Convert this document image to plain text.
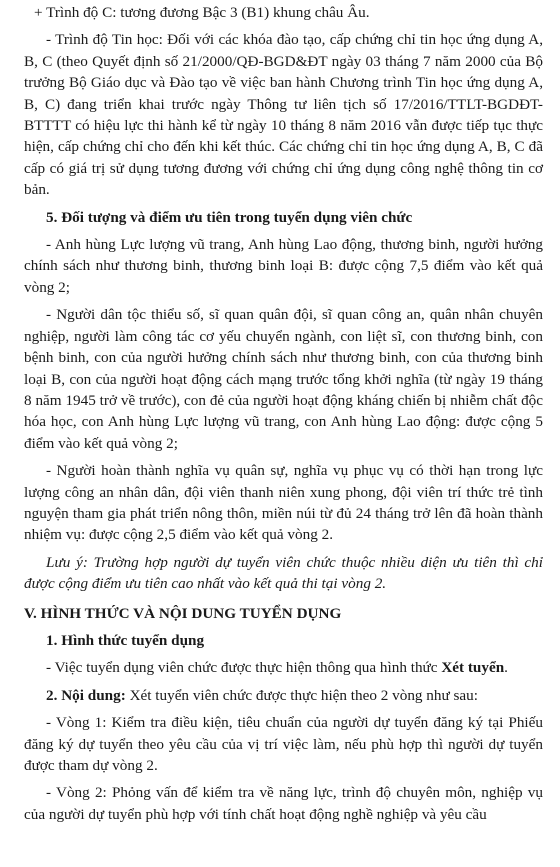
+ Trình độ C: tương đương Bậc 3 (B1) khung châu Âu.

- Trình độ Tin học: Đối với các khóa đào tạo, cấp chứng chỉ tin học ứng dụng A, B, C (theo Quyết định số 21/2000/QĐ-BGD&ĐT ngày 03 tháng 7 năm 2000 của Bộ trưởng Bộ Giáo dục và Đào tạo về việc ban hành Chương trình Tin học ứng dụng A, B, C) đang triển khai trước ngày Thông tư liên tịch số 17/2016/TTLT-BGDĐT-BTTTT có hiệu lực thi hành kể từ ngày 10 tháng 8 năm 2016 vẫn được tiếp tục thực hiện, cấp chứng chỉ cho đến khi kết thúc. Các chứng chỉ tin học ứng dụng A, B, C đã cấp có giá trị sử dụng tương đương với chứng chỉ ứng dụng công nghệ thông tin cơ bản.

5. Đối tượng và điểm ưu tiên trong tuyển dụng viên chức

- Anh hùng Lực lượng vũ trang, Anh hùng Lao động, thương binh, người hưởng chính sách như thương binh, thương binh loại B: được cộng 7,5 điểm vào kết quả vòng 2;

- Người dân tộc thiểu số, sĩ quan quân đội, sĩ quan công an, quân nhân chuyên nghiệp, người làm công tác cơ yếu chuyển ngành, con liệt sĩ, con thương binh, con bệnh binh, con của người hưởng chính sách như thương binh, con của thương binh loại B, con của người hoạt động cách mạng trước tổng khởi nghĩa (từ ngày 19 tháng 8 năm 1945 trở về trước), con đẻ của người hoạt động kháng chiến bị nhiễm chất độc hóa học, con Anh hùng Lực lượng vũ trang, con Anh hùng Lao động: được cộng 5 điểm vào kết quả vòng 2;

- Người hoàn thành nghĩa vụ quân sự, nghĩa vụ phục vụ có thời hạn trong lực lượng công an nhân dân, đội viên thanh niên xung phong, đội viên trí thức trẻ tình nguyện tham gia phát triển nông thôn, miền núi từ đủ 24 tháng trở lên đã hoàn thành nhiệm vụ: được cộng 2,5 điểm vào kết quả vòng 2.

Lưu ý: Trường hợp người dự tuyển viên chức thuộc nhiều diện ưu tiên thì chỉ được cộng điểm ưu tiên cao nhất vào kết quả thi tại vòng 2.

V. HÌNH THỨC VÀ NỘI DUNG TUYỂN DỤNG

1. Hình thức tuyển dụng

- Việc tuyển dụng viên chức được thực hiện thông qua hình thức Xét tuyển.

2. Nội dung: Xét tuyển viên chức được thực hiện theo 2 vòng như sau:

- Vòng 1: Kiểm tra điều kiện, tiêu chuẩn của người dự tuyển đăng ký tại Phiếu đăng ký dự tuyển theo yêu cầu của vị trí việc làm, nếu phù hợp thì người dự tuyển được tham dự vòng 2.

- Vòng 2: Phỏng vấn để kiểm tra về năng lực, trình độ chuyên môn, nghiệp vụ của người dự tuyển phù hợp với tính chất hoạt động nghề nghiệp và yêu cầu
